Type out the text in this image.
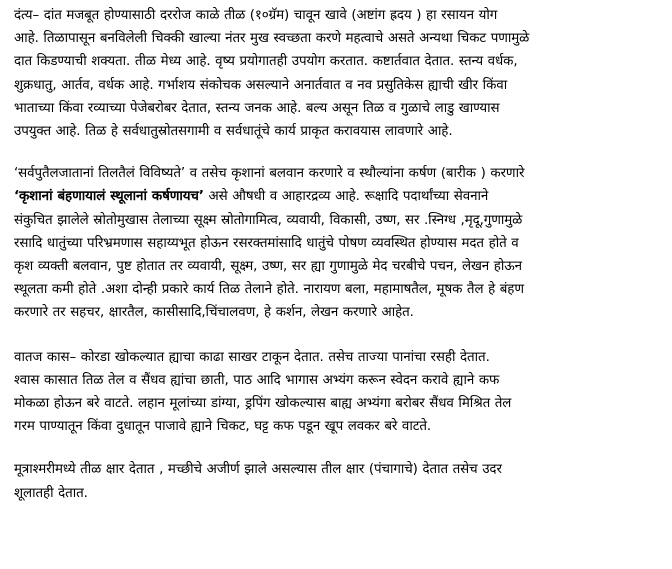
दंत्य– दांत मजबूत होण्यासाठी दररोज काळे तीळ (१०ग्रॅम) चावून खावे (अष्टांग ह्रदय ) हा रसायन योग
आहे. तिळापासून बनविलेली चिक्की खाल्या नंतर मुख स्वच्छता करणे महत्वाचे असते अन्यथा चिकट पणामुळे
दात किडण्याची शक्यता. तीळ मेध्य आहे. वृष्य प्रयोगातही उपयोग करतात. कष्टार्तवात देतात. स्तन्य वर्धक,
शुक्रधातु, आर्तव, वर्धक आहे. गर्भाशय संकोचक असल्याने अनार्तवात व नव प्रसुतिकेस ह्याची खीर किंवा
भाताच्या किंवा रव्याच्या पेजेबरोबर देतात, स्तन्य जनक आहे. बल्य असून तिळ व गुळाचे लाडु खाण्यास
उपयुक्त आहे. तिळ हे सर्वधातुस्रोतसगामी व सर्वधातूंचे कार्य प्राकृत करावयास लावणारे आहे.

‘सर्वपुतैलजातानां तिलतैलं विविष्यते’ व तसेच कृशानां बलवान करणारे व स्थौल्यांना कर्षण (बारीक ) करणारे
‘कृशानां बंहणायालं स्थूलानां कर्षणायच’ असे औषधी व आहारद्रव्य आहे. रूक्षादि पदार्थांच्या सेवनाने
संकुचित झालेले स्रोतोमुखास तेलाच्या सूक्ष्म स्रोतोगामित्व, व्यवायी, विकासी, उष्ण, सर .स्निग्ध ,मृदू,गुणामुळे
रसादि धातुंच्या परिभ्रमणास सहाय्यभूत होऊन रसरक्तमांसादि धातुंचे पोषण व्यवस्थित होण्यास मदत होते व
कृश व्यक्ती बलवान, पुष्ट होतात तर व्यवायी, सूक्ष्म, उष्ण, सर ह्या गुणामुळे मेद चरबीचे पचन, लेखन होऊन
स्थूलता कमी होते .अशा दोन्ही प्रकारे कार्य तिळ तेलाने होते. नारायण बला, महामाषतैल, मूषक तैल हे बंहण
करणारे तर सहचर, क्षारतैल, कासीसादि,चिंचालवण, हे कर्शन, लेखन करणारे आहेत.

वातज कास– कोरडा खोकल्यात ह्याचा काढा साखर टाकून देतात. तसेच ताज्या पानांचा रसही देतात.
श्वास कासात तिळ तेल व सैंधव ह्यांचा छाती, पाठ आदि भागास अभ्यंग करून स्वेदन करावे ह्याने कफ
मोकळा होऊन बरे वाटते. लहान मूलांच्या डांग्या, ड्रपिंग खोकल्यास बाह्य अभ्यंगा बरोबर सैंधव मिश्रित तेल
गरम पाण्यातून किंवा दुधातून पाजावे ह्याने चिकट, घट्ट कफ पडून खूप लवकर बरे वाटते.

मूत्राश्मरीमध्ये तीळ क्षार देतात , मच्छीचे अजीर्ण झाले असल्यास तील क्षार (पंचागाचे) देतात तसेच उदर
शूलातही देतात.
